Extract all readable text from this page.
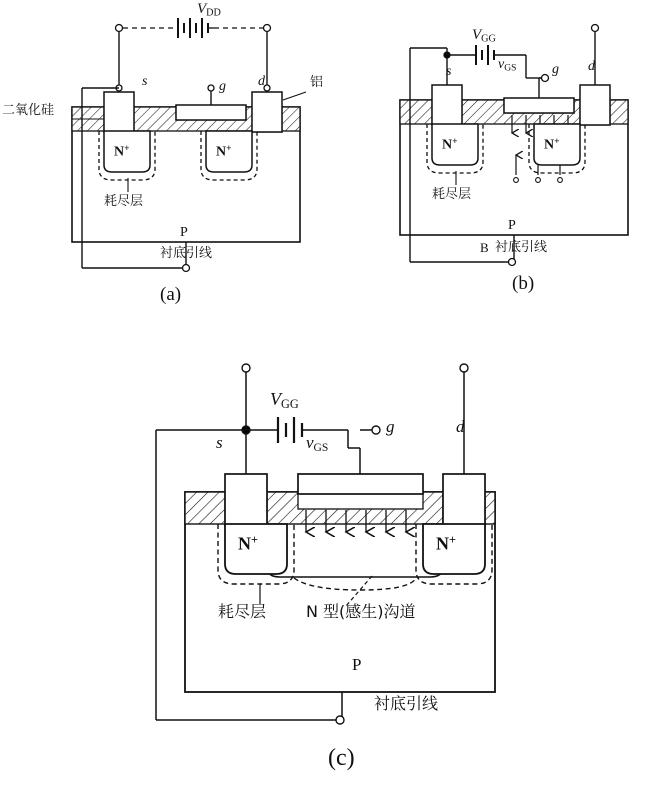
$V_{DD}$
s	g d	铝
二氧化硅
N+	N+
耗尽层
P
衬底引线
(a)
$V_{GG}$
$v_{GS}$
s	g d
N+	N+
耗尽层
P
B 衬底引线
(b)
$V_{GG}$
$v_{GS}$
s
g	d
N+	N+
耗尽层 N 型(感生)沟道
P
衬底引线
(c)
